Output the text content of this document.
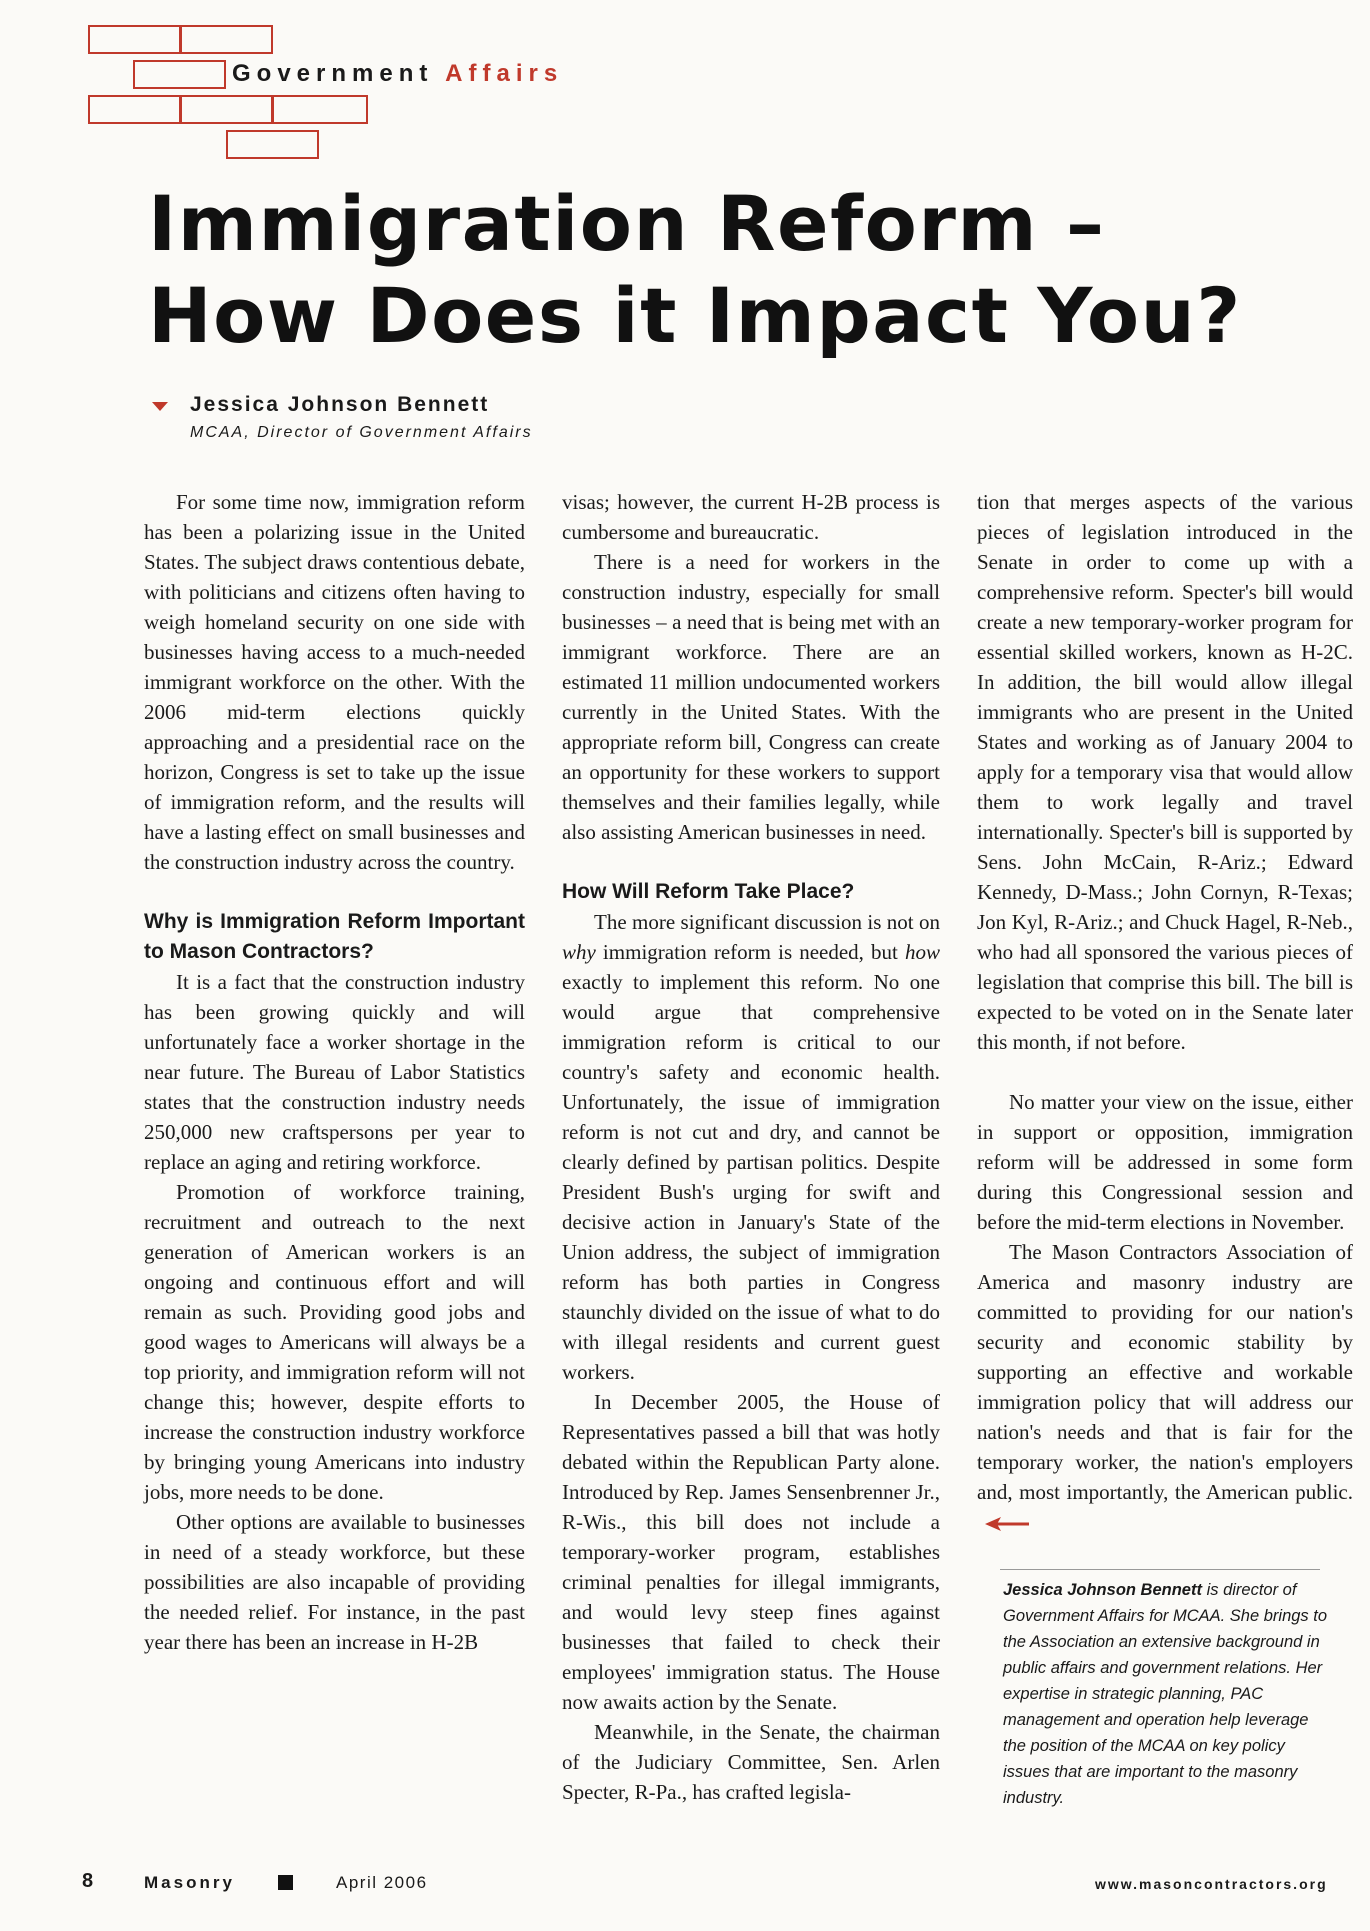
Government Affairs
Immigration Reform –
How Does it Impact You?
Jessica Johnson Bennett
MCAA, Director of Government Affairs

For some time now, immigration reform has been a polarizing issue in the United States. The subject draws contentious debate, with politicians and citizens often having to weigh homeland security on one side with businesses having access to a much-needed immigrant workforce on the other. With the 2006 mid-term elections quickly approaching and a presidential race on the horizon, Congress is set to take up the issue of immigration reform, and the results will have a lasting effect on small businesses and the construction industry across the country.

Why is Immigration Reform Important to Mason Contractors?

It is a fact that the construction industry has been growing quickly and will unfortunately face a worker shortage in the near future. The Bureau of Labor Statistics states that the construction industry needs 250,000 new craftspersons per year to replace an aging and retiring workforce.

Promotion of workforce training, recruitment and outreach to the next generation of American workers is an ongoing and continuous effort and will remain as such. Providing good jobs and good wages to Americans will always be a top priority, and immigration reform will not change this; however, despite efforts to increase the construction industry workforce by bringing young Americans into industry jobs, more needs to be done.

Other options are available to businesses in need of a steady workforce, but these possibilities are also incapable of providing the needed relief. For instance, in the past year there has been an increase in H-2B

visas; however, the current H-2B process is cumbersome and bureaucratic.

There is a need for workers in the construction industry, especially for small businesses – a need that is being met with an immigrant workforce. There are an estimated 11 million undocumented workers currently in the United States. With the appropriate reform bill, Congress can create an opportunity for these workers to support themselves and their families legally, while also assisting American businesses in need.

How Will Reform Take Place?

The more significant discussion is not on why immigration reform is needed, but how exactly to implement this reform. No one would argue that comprehensive immigration reform is critical to our country's safety and economic health. Unfortunately, the issue of immigration reform is not cut and dry, and cannot be clearly defined by partisan politics. Despite President Bush's urging for swift and decisive action in January's State of the Union address, the subject of immigration reform has both parties in Congress staunchly divided on the issue of what to do with illegal residents and current guest workers.

In December 2005, the House of Representatives passed a bill that was hotly debated within the Republican Party alone. Introduced by Rep. James Sensenbrenner Jr., R-Wis., this bill does not include a temporary-worker program, establishes criminal penalties for illegal immigrants, and would levy steep fines against businesses that failed to check their employees' immigration status. The House now awaits action by the Senate.

Meanwhile, in the Senate, the chairman of the Judiciary Committee, Sen. Arlen Specter, R-Pa., has crafted legisla-

tion that merges aspects of the various pieces of legislation introduced in the Senate in order to come up with a comprehensive reform. Specter's bill would create a new temporary-worker program for essential skilled workers, known as H-2C. In addition, the bill would allow illegal immigrants who are present in the United States and working as of January 2004 to apply for a temporary visa that would allow them to work legally and travel internationally. Specter's bill is supported by Sens. John McCain, R-Ariz.; Edward Kennedy, D-Mass.; John Cornyn, R-Texas; Jon Kyl, R-Ariz.; and Chuck Hagel, R-Neb., who had all sponsored the various pieces of legislation that comprise this bill. The bill is expected to be voted on in the Senate later this month, if not before.

No matter your view on the issue, either in support or opposition, immigration reform will be addressed in some form during this Congressional session and before the mid-term elections in November.

The Mason Contractors Association of America and masonry industry are committed to providing for our nation's security and economic stability by supporting an effective and workable immigration policy that will address our nation's needs and that is fair for the temporary worker, the nation's employers and, most importantly, the American public.

Jessica Johnson Bennett is director of Government Affairs for MCAA. She brings to the Association an extensive background in public affairs and government relations. Her expertise in strategic planning, PAC management and operation help leverage the position of the MCAA on key policy issues that are important to the masonry industry.
8	Masonry	April 2006	www.masoncontractors.org
